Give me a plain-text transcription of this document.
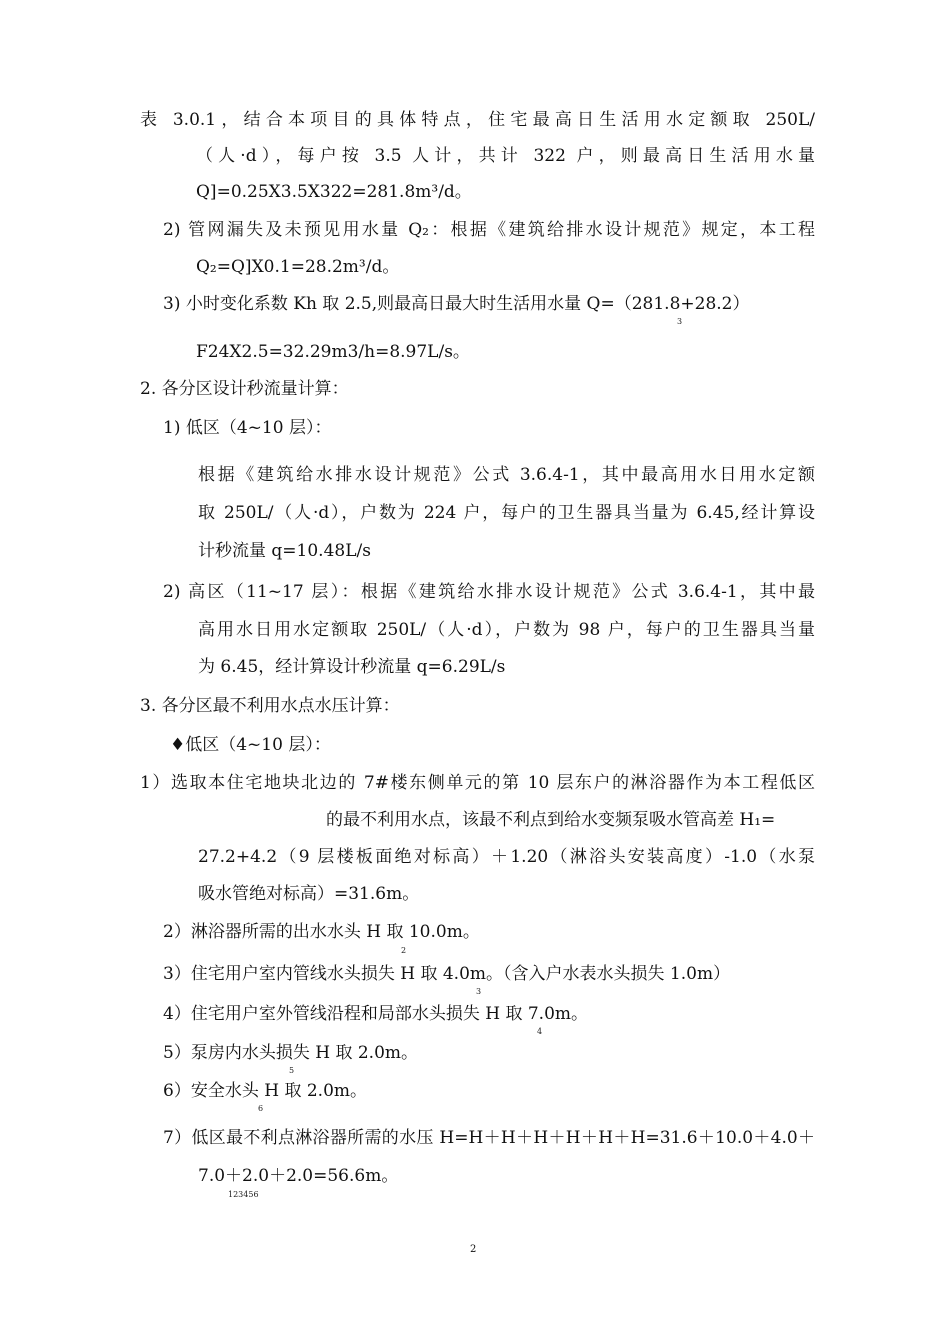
表 3.0.1，结合本项目的具体特点，住宅最高日生活用水定额取 250L/
（人·d），每户按 3.5 人计，共计 322 户，则最高日生活用水量
Q]=0.25X3.5X322=281.8m³/d。
2) 管网漏失及未预见用水量 Q₂：根据《建筑给排水设计规范》规定，本工程
Q₂=Q]X0.1=28.2m³/d。
3) 小时变化系数 Kh 取 2.5,则最高日最大时生活用水量 Q=（281.8+28.2）
3
F24X2.5=32.29m3/h=8.97L/s。
2. 各分区设计秒流量计算：
1) 低区（4~10 层）：
根据《建筑给水排水设计规范》公式 3.6.4-1，其中最高用水日用水定额
取 250L/（人·d），户数为 224 户，每户的卫生器具当量为 6.45,经计算设
计秒流量 q=10.48L/s
2) 高区（11~17 层）：根据《建筑给水排水设计规范》公式 3.6.4-1，其中最
高用水日用水定额取 250L/（人·d），户数为 98 户，每户的卫生器具当量
为 6.45，经计算设计秒流量 q=6.29L/s
3. 各分区最不利用水点水压计算：
♦低区（4~10 层）：
1）选取本住宅地块北边的 7#楼东侧单元的第 10 层东户的淋浴器作为本工程低区
的最不利用水点，该最不利点到给水变频泵吸水管高差 H₁=
27.2+4.2（9 层楼板面绝对标高）＋1.20（淋浴头安装高度）-1.0（水泵
吸水管绝对标高）=31.6m。
2）淋浴器所需的出水水头 H 取 10.0m。
2
3）住宅用户室内管线水头损失 H 取 4.0m。（含入户水表水头损失 1.0m）
3
4）住宅用户室外管线沿程和局部水头损失 H 取 7.0m。
4
5）泵房内水头损失 H 取 2.0m。
5
6）安全水头 H 取 2.0m。
6
7）低区最不利点淋浴器所需的水压 H=H＋H＋H＋H＋H＋H=31.6＋10.0＋4.0＋
7.0＋2.0＋2.0=56.6m。
123456
2
